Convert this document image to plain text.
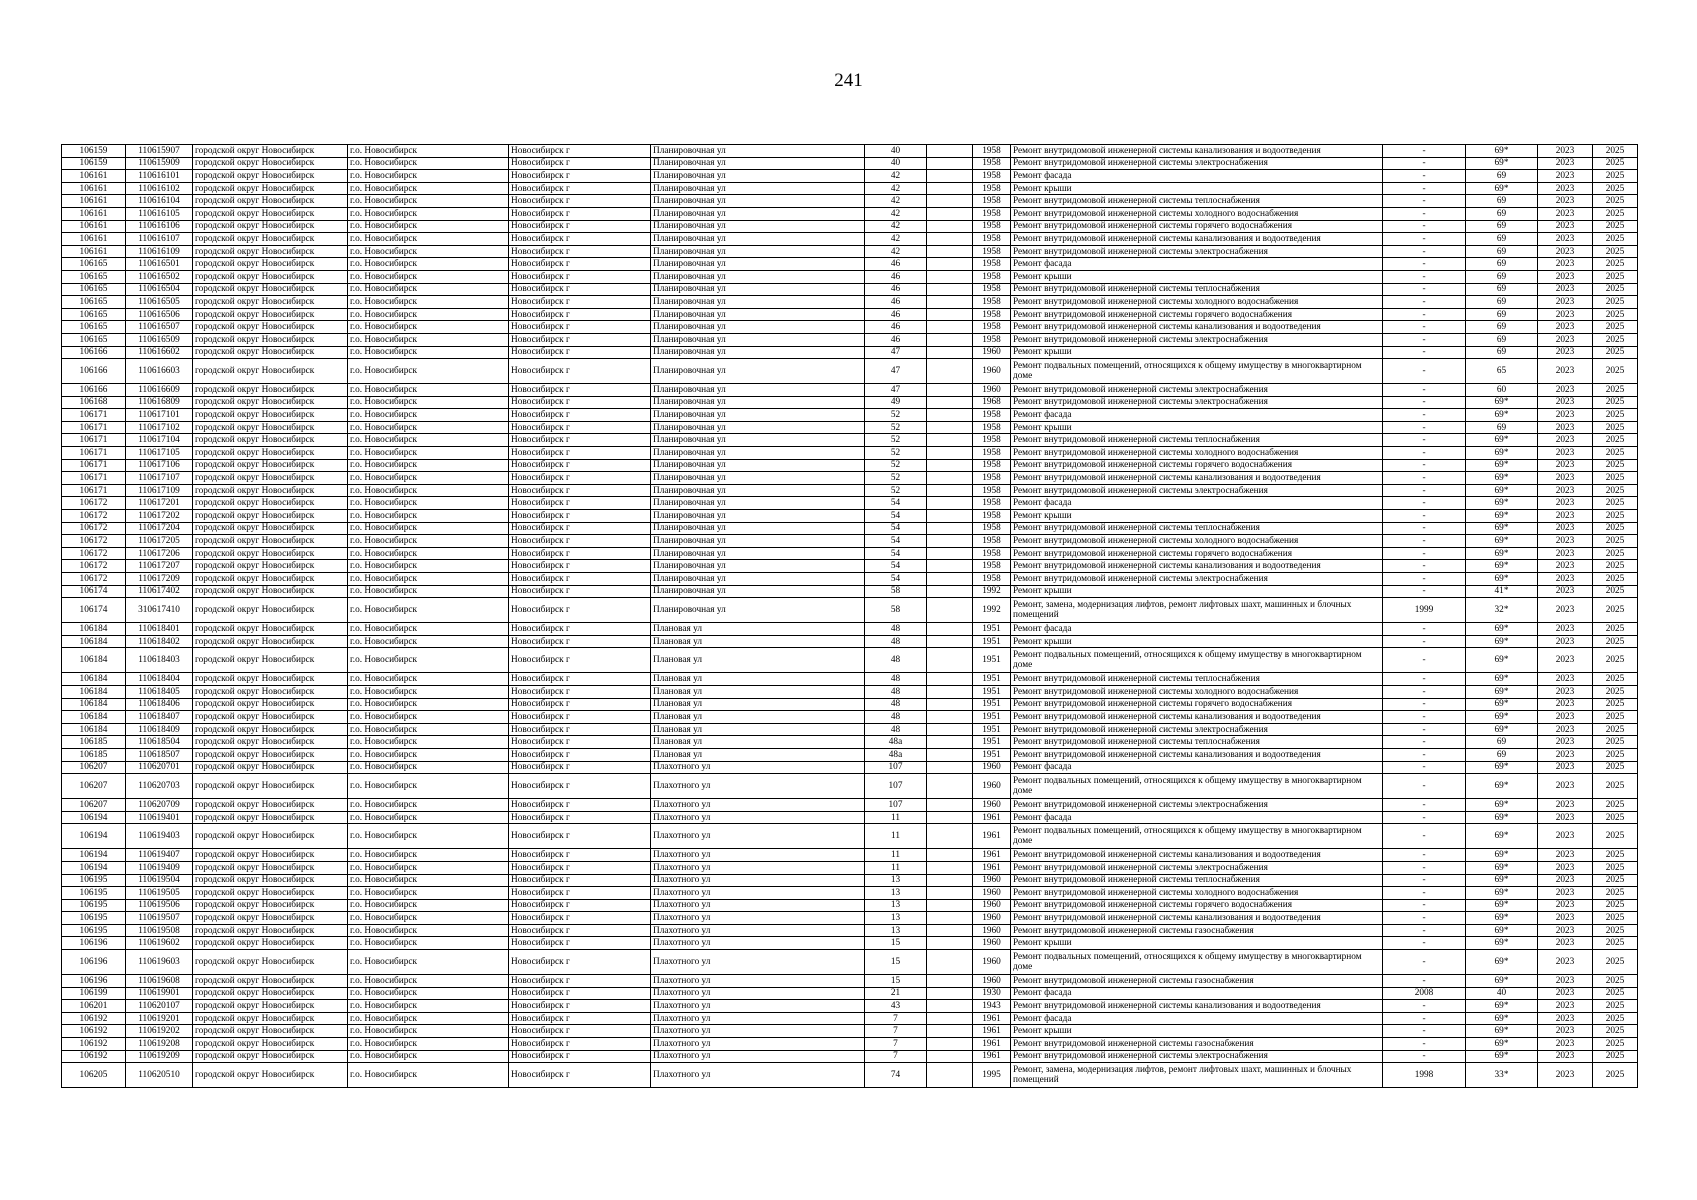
241
106159	110615907	городской округ Новосибирск	г.о. Новосибирск	Новосибирск г	Планировочная ул	40		1958	Ремонт внутридомовой инженерной системы канализования и водоотведения	-	69*	2023	2025
106159	110615909	городской округ Новосибирск	г.о. Новосибирск	Новосибирск г	Планировочная ул	40		1958	Ремонт внутридомовой инженерной системы электроснабжения	-	69*	2023	2025
106161	110616101	городской округ Новосибирск	г.о. Новосибирск	Новосибирск г	Планировочная ул	42		1958	Ремонт фасада	-	69	2023	2025
106161	110616102	городской округ Новосибирск	г.о. Новосибирск	Новосибирск г	Планировочная ул	42		1958	Ремонт крыши	-	69*	2023	2025
106161	110616104	городской округ Новосибирск	г.о. Новосибирск	Новосибирск г	Планировочная ул	42		1958	Ремонт внутридомовой инженерной системы теплоснабжения	-	69	2023	2025
106161	110616105	городской округ Новосибирск	г.о. Новосибирск	Новосибирск г	Планировочная ул	42		1958	Ремонт внутридомовой инженерной системы холодного водоснабжения	-	69	2023	2025
106161	110616106	городской округ Новосибирск	г.о. Новосибирск	Новосибирск г	Планировочная ул	42		1958	Ремонт внутридомовой инженерной системы горячего водоснабжения	-	69	2023	2025
106161	110616107	городской округ Новосибирск	г.о. Новосибирск	Новосибирск г	Планировочная ул	42		1958	Ремонт внутридомовой инженерной системы канализования и водоотведения	-	69	2023	2025
106161	110616109	городской округ Новосибирск	г.о. Новосибирск	Новосибирск г	Планировочная ул	42		1958	Ремонт внутридомовой инженерной системы электроснабжения	-	69	2023	2025
106165	110616501	городской округ Новосибирск	г.о. Новосибирск	Новосибирск г	Планировочная ул	46		1958	Ремонт фасада	-	69	2023	2025
106165	110616502	городской округ Новосибирск	г.о. Новосибирск	Новосибирск г	Планировочная ул	46		1958	Ремонт крыши	-	69	2023	2025
106165	110616504	городской округ Новосибирск	г.о. Новосибирск	Новосибирск г	Планировочная ул	46		1958	Ремонт внутридомовой инженерной системы теплоснабжения	-	69	2023	2025
106165	110616505	городской округ Новосибирск	г.о. Новосибирск	Новосибирск г	Планировочная ул	46		1958	Ремонт внутридомовой инженерной системы холодного водоснабжения	-	69	2023	2025
106165	110616506	городской округ Новосибирск	г.о. Новосибирск	Новосибирск г	Планировочная ул	46		1958	Ремонт внутридомовой инженерной системы горячего водоснабжения	-	69	2023	2025
106165	110616507	городской округ Новосибирск	г.о. Новосибирск	Новосибирск г	Планировочная ул	46		1958	Ремонт внутридомовой инженерной системы канализования и водоотведения	-	69	2023	2025
106165	110616509	городской округ Новосибирск	г.о. Новосибирск	Новосибирск г	Планировочная ул	46		1958	Ремонт внутридомовой инженерной системы электроснабжения	-	69	2023	2025
106166	110616602	городской округ Новосибирск	г.о. Новосибирск	Новосибирск г	Планировочная ул	47		1960	Ремонт крыши	-	69	2023	2025
106166	110616603	городской округ Новосибирск	г.о. Новосибирск	Новосибирск г	Планировочная ул	47		1960	Ремонт подвальных помещений, относящихся к общему имуществу в многоквартирном доме	-	65	2023	2025
106166	110616609	городской округ Новосибирск	г.о. Новосибирск	Новосибирск г	Планировочная ул	47		1960	Ремонт внутридомовой инженерной системы электроснабжения	-	60	2023	2025
106168	110616809	городской округ Новосибирск	г.о. Новосибирск	Новосибирск г	Планировочная ул	49		1968	Ремонт внутридомовой инженерной системы электроснабжения	-	69*	2023	2025
106171	110617101	городской округ Новосибирск	г.о. Новосибирск	Новосибирск г	Планировочная ул	52		1958	Ремонт фасада	-	69*	2023	2025
106171	110617102	городской округ Новосибирск	г.о. Новосибирск	Новосибирск г	Планировочная ул	52		1958	Ремонт крыши	-	69	2023	2025
106171	110617104	городской округ Новосибирск	г.о. Новосибирск	Новосибирск г	Планировочная ул	52		1958	Ремонт внутридомовой инженерной системы теплоснабжения	-	69*	2023	2025
106171	110617105	городской округ Новосибирск	г.о. Новосибирск	Новосибирск г	Планировочная ул	52		1958	Ремонт внутридомовой инженерной системы холодного водоснабжения	-	69*	2023	2025
106171	110617106	городской округ Новосибирск	г.о. Новосибирск	Новосибирск г	Планировочная ул	52		1958	Ремонт внутридомовой инженерной системы горячего водоснабжения	-	69*	2023	2025
106171	110617107	городской округ Новосибирск	г.о. Новосибирск	Новосибирск г	Планировочная ул	52		1958	Ремонт внутридомовой инженерной системы канализования и водоотведения	-	69*	2023	2025
106171	110617109	городской округ Новосибирск	г.о. Новосибирск	Новосибирск г	Планировочная ул	52		1958	Ремонт внутридомовой инженерной системы электроснабжения	-	69*	2023	2025
106172	110617201	городской округ Новосибирск	г.о. Новосибирск	Новосибирск г	Планировочная ул	54		1958	Ремонт фасада	-	69*	2023	2025
106172	110617202	городской округ Новосибирск	г.о. Новосибирск	Новосибирск г	Планировочная ул	54		1958	Ремонт крыши	-	69*	2023	2025
106172	110617204	городской округ Новосибирск	г.о. Новосибирск	Новосибирск г	Планировочная ул	54		1958	Ремонт внутридомовой инженерной системы теплоснабжения	-	69*	2023	2025
106172	110617205	городской округ Новосибирск	г.о. Новосибирск	Новосибирск г	Планировочная ул	54		1958	Ремонт внутридомовой инженерной системы холодного водоснабжения	-	69*	2023	2025
106172	110617206	городской округ Новосибирск	г.о. Новосибирск	Новосибирск г	Планировочная ул	54		1958	Ремонт внутридомовой инженерной системы горячего водоснабжения	-	69*	2023	2025
106172	110617207	городской округ Новосибирск	г.о. Новосибирск	Новосибирск г	Планировочная ул	54		1958	Ремонт внутридомовой инженерной системы канализования и водоотведения	-	69*	2023	2025
106172	110617209	городской округ Новосибирск	г.о. Новосибирск	Новосибирск г	Планировочная ул	54		1958	Ремонт внутридомовой инженерной системы электроснабжения	-	69*	2023	2025
106174	110617402	городской округ Новосибирск	г.о. Новосибирск	Новосибирск г	Планировочная ул	58		1992	Ремонт крыши	-	41*	2023	2025
106174	310617410	городской округ Новосибирск	г.о. Новосибирск	Новосибирск г	Планировочная ул	58		1992	Ремонт, замена, модернизация лифтов, ремонт лифтовых шахт, машинных и блочных помещений	1999	32*	2023	2025
106184	110618401	городской округ Новосибирск	г.о. Новосибирск	Новосибирск г	Плановая ул	48		1951	Ремонт фасада	-	69*	2023	2025
106184	110618402	городской округ Новосибирск	г.о. Новосибирск	Новосибирск г	Плановая ул	48		1951	Ремонт крыши	-	69*	2023	2025
106184	110618403	городской округ Новосибирск	г.о. Новосибирск	Новосибирск г	Плановая ул	48		1951	Ремонт подвальных помещений, относящихся к общему имуществу в многоквартирном доме	-	69*	2023	2025
106184	110618404	городской округ Новосибирск	г.о. Новосибирск	Новосибирск г	Плановая ул	48		1951	Ремонт внутридомовой инженерной системы теплоснабжения	-	69*	2023	2025
106184	110618405	городской округ Новосибирск	г.о. Новосибирск	Новосибирск г	Плановая ул	48		1951	Ремонт внутридомовой инженерной системы холодного водоснабжения	-	69*	2023	2025
106184	110618406	городской округ Новосибирск	г.о. Новосибирск	Новосибирск г	Плановая ул	48		1951	Ремонт внутридомовой инженерной системы горячего водоснабжения	-	69*	2023	2025
106184	110618407	городской округ Новосибирск	г.о. Новосибирск	Новосибирск г	Плановая ул	48		1951	Ремонт внутридомовой инженерной системы канализования и водоотведения	-	69*	2023	2025
106184	110618409	городской округ Новосибирск	г.о. Новосибирск	Новосибирск г	Плановая ул	48		1951	Ремонт внутридомовой инженерной системы электроснабжения	-	69*	2023	2025
106185	110618504	городской округ Новосибирск	г.о. Новосибирск	Новосибирск г	Плановая ул	48а		1951	Ремонт внутридомовой инженерной системы теплоснабжения	-	69	2023	2025
106185	110618507	городской округ Новосибирск	г.о. Новосибирск	Новосибирск г	Плановая ул	48а		1951	Ремонт внутридомовой инженерной системы канализования и водоотведения	-	69	2023	2025
106207	110620701	городской округ Новосибирск	г.о. Новосибирск	Новосибирск г	Плахотного ул	107		1960	Ремонт фасада	-	69*	2023	2025
106207	110620703	городской округ Новосибирск	г.о. Новосибирск	Новосибирск г	Плахотного ул	107		1960	Ремонт подвальных помещений, относящихся к общему имуществу в многоквартирном доме	-	69*	2023	2025
106207	110620709	городской округ Новосибирск	г.о. Новосибирск	Новосибирск г	Плахотного ул	107		1960	Ремонт внутридомовой инженерной системы электроснабжения	-	69*	2023	2025
106194	110619401	городской округ Новосибирск	г.о. Новосибирск	Новосибирск г	Плахотного ул	11		1961	Ремонт фасада	-	69*	2023	2025
106194	110619403	городской округ Новосибирск	г.о. Новосибирск	Новосибирск г	Плахотного ул	11		1961	Ремонт подвальных помещений, относящихся к общему имуществу в многоквартирном доме	-	69*	2023	2025
106194	110619407	городской округ Новосибирск	г.о. Новосибирск	Новосибирск г	Плахотного ул	11		1961	Ремонт внутридомовой инженерной системы канализования и водоотведения	-	69*	2023	2025
106194	110619409	городской округ Новосибирск	г.о. Новосибирск	Новосибирск г	Плахотного ул	11		1961	Ремонт внутридомовой инженерной системы электроснабжения	-	69*	2023	2025
106195	110619504	городской округ Новосибирск	г.о. Новосибирск	Новосибирск г	Плахотного ул	13		1960	Ремонт внутридомовой инженерной системы теплоснабжения	-	69*	2023	2025
106195	110619505	городской округ Новосибирск	г.о. Новосибирск	Новосибирск г	Плахотного ул	13		1960	Ремонт внутридомовой инженерной системы холодного водоснабжения	-	69*	2023	2025
106195	110619506	городской округ Новосибирск	г.о. Новосибирск	Новосибирск г	Плахотного ул	13		1960	Ремонт внутридомовой инженерной системы горячего водоснабжения	-	69*	2023	2025
106195	110619507	городской округ Новосибирск	г.о. Новосибирск	Новосибирск г	Плахотного ул	13		1960	Ремонт внутридомовой инженерной системы канализования и водоотведения	-	69*	2023	2025
106195	110619508	городской округ Новосибирск	г.о. Новосибирск	Новосибирск г	Плахотного ул	13		1960	Ремонт внутридомовой инженерной системы газоснабжения	-	69*	2023	2025
106196	110619602	городской округ Новосибирск	г.о. Новосибирск	Новосибирск г	Плахотного ул	15		1960	Ремонт крыши	-	69*	2023	2025
106196	110619603	городской округ Новосибирск	г.о. Новосибирск	Новосибирск г	Плахотного ул	15		1960	Ремонт подвальных помещений, относящихся к общему имуществу в многоквартирном доме	-	69*	2023	2025
106196	110619608	городской округ Новосибирск	г.о. Новосибирск	Новосибирск г	Плахотного ул	15		1960	Ремонт внутридомовой инженерной системы газоснабжения	-	69*	2023	2025
106199	110619901	городской округ Новосибирск	г.о. Новосибирск	Новосибирск г	Плахотного ул	21		1930	Ремонт фасада	2008	40	2023	2025
106201	110620107	городской округ Новосибирск	г.о. Новосибирск	Новосибирск г	Плахотного ул	43		1943	Ремонт внутридомовой инженерной системы канализования и водоотведения	-	69*	2023	2025
106192	110619201	городской округ Новосибирск	г.о. Новосибирск	Новосибирск г	Плахотного ул	7		1961	Ремонт фасада	-	69*	2023	2025
106192	110619202	городской округ Новосибирск	г.о. Новосибирск	Новосибирск г	Плахотного ул	7		1961	Ремонт крыши	-	69*	2023	2025
106192	110619208	городской округ Новосибирск	г.о. Новосибирск	Новосибирск г	Плахотного ул	7		1961	Ремонт внутридомовой инженерной системы газоснабжения	-	69*	2023	2025
106192	110619209	городской округ Новосибирск	г.о. Новосибирск	Новосибирск г	Плахотного ул	7		1961	Ремонт внутридомовой инженерной системы электроснабжения	-	69*	2023	2025
106205	110620510	городской округ Новосибирск	г.о. Новосибирск	Новосибирск г	Плахотного ул	74		1995	Ремонт, замена, модернизация лифтов, ремонт лифтовых шахт, машинных и блочных помещений	1998	33*	2023	2025
